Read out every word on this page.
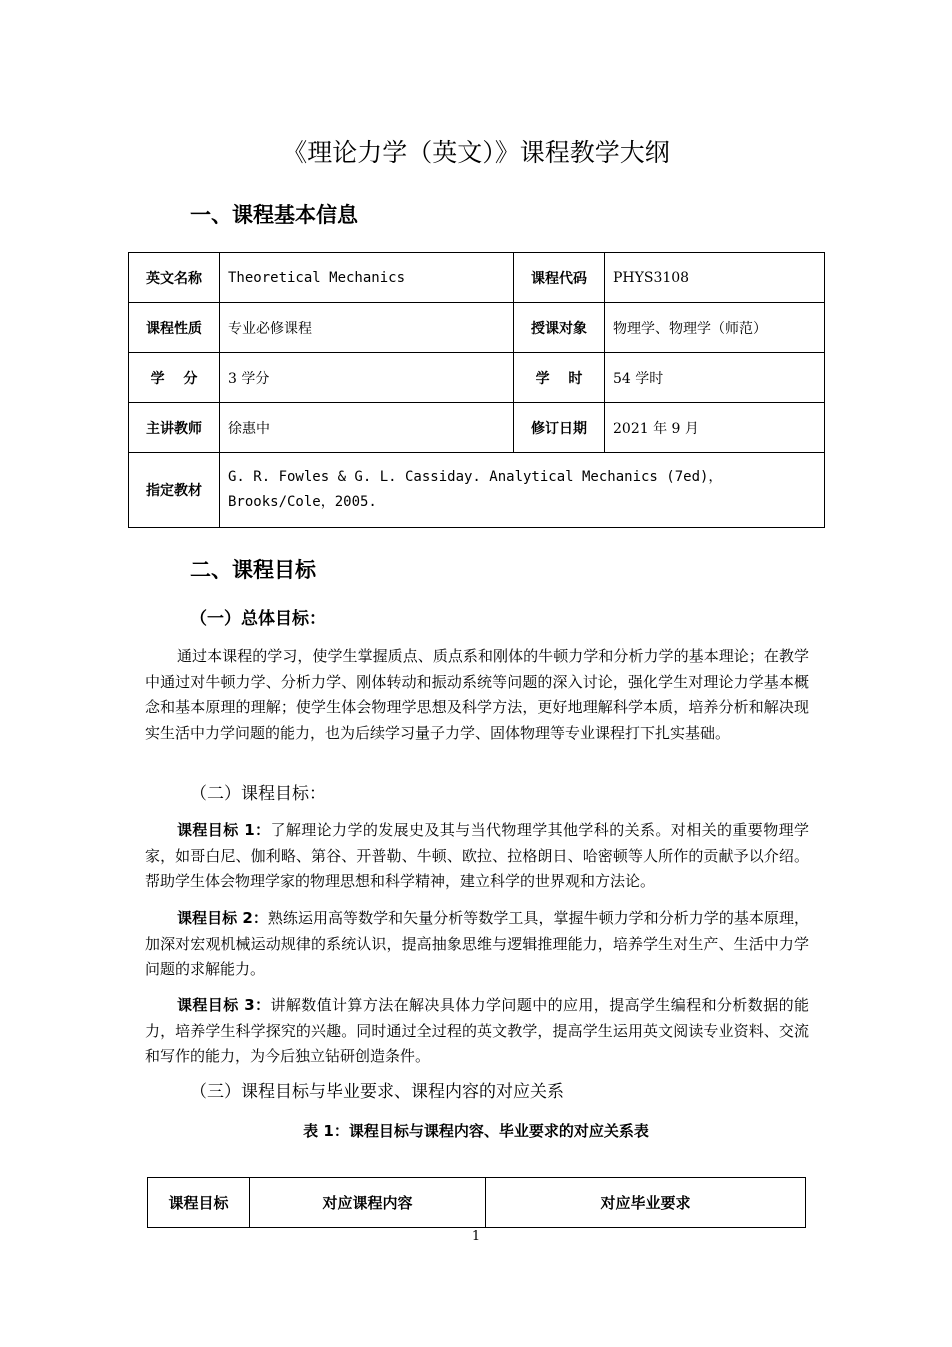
《理论力学（英文）》课程教学大纲
一、课程基本信息
英文名称	Theoretical Mechanics	课程代码	PHYS3108
课程性质	专业必修课程	授课对象	物理学、物理学（师范）
学　 分	3 学分	学　 时	54 学时
主讲教师	徐惠中	修订日期	2021 年 9 月
指定教材	G. R. Fowles & G. L. Cassiday. Analytical Mechanics (7ed)，Brooks/Cole，2005.		
二、课程目标
（一）总体目标：

通过本课程的学习，使学生掌握质点、质点系和刚体的牛顿力学和分析力学的基本理论；在教学中通过对牛顿力学、分析力学、刚体转动和振动系统等问题的深入讨论，强化学生对理论力学基本概念和基本原理的理解；使学生体会物理学思想及科学方法，更好地理解科学本质，培养分析和解决现实生活中力学问题的能力，也为后续学习量子力学、固体物理等专业课程打下扎实基础。

（二）课程目标：

课程目标 1：了解理论力学的发展史及其与当代物理学其他学科的关系。对相关的重要物理学家，如哥白尼、伽利略、第谷、开普勒、牛顿、欧拉、拉格朗日、哈密顿等人所作的贡献予以介绍。帮助学生体会物理学家的物理思想和科学精神，建立科学的世界观和方法论。

课程目标 2：熟练运用高等数学和矢量分析等数学工具，掌握牛顿力学和分析力学的基本原理，加深对宏观机械运动规律的系统认识，提高抽象思维与逻辑推理能力，培养学生对生产、生活中力学问题的求解能力。

课程目标 3：讲解数值计算方法在解决具体力学问题中的应用，提高学生编程和分析数据的能力，培养学生科学探究的兴趣。同时通过全过程的英文教学，提高学生运用英文阅读专业资料、交流和写作的能力，为今后独立钻研创造条件。

（三）课程目标与毕业要求、课程内容的对应关系
表 1：课程目标与课程内容、毕业要求的对应关系表
课程目标	对应课程内容	对应毕业要求
1
